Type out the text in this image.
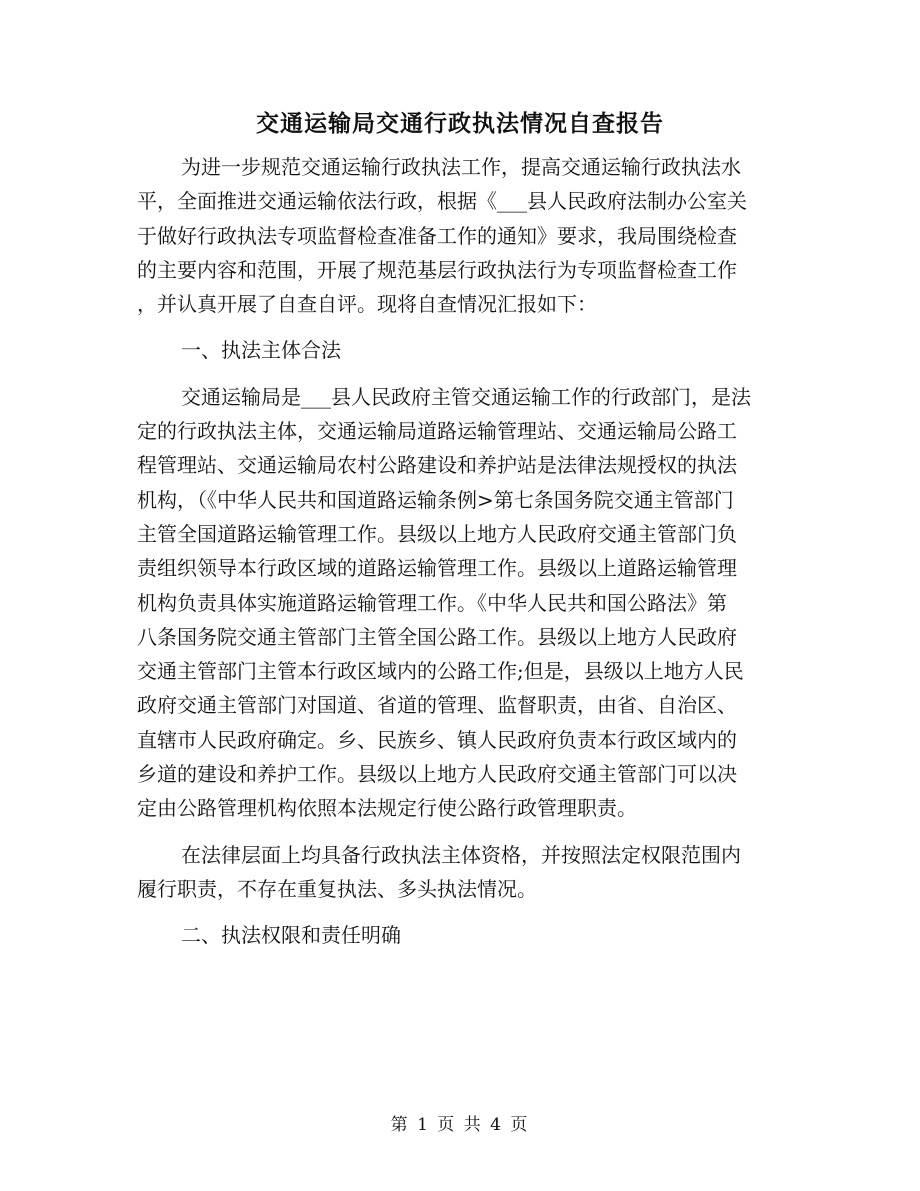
交通运输局交通行政执法情况自查报告
为进一步规范交通运输行政执法工作，提高交通运输行政执法水
平，全面推进交通运输依法行政，根据《___县人民政府法制办公室关
于做好行政执法专项监督检查准备工作的通知》要求，我局围绕检查
的主要内容和范围，开展了规范基层行政执法行为专项监督检查工作
，并认真开展了自查自评。现将自查情况汇报如下：
一、执法主体合法
交通运输局是___县人民政府主管交通运输工作的行政部门，是法
定的行政执法主体，交通运输局道路运输管理站、交通运输局公路工
程管理站、交通运输局农村公路建设和养护站是法律法规授权的执法
机构，（《中华人民共和国道路运输条例>第七条国务院交通主管部门
主管全国道路运输管理工作。县级以上地方人民政府交通主管部门负
责组织领导本行政区域的道路运输管理工作。县级以上道路运输管理
机构负责具体实施道路运输管理工作。《中华人民共和国公路法》第
八条国务院交通主管部门主管全国公路工作。县级以上地方人民政府
交通主管部门主管本行政区域内的公路工作;但是，县级以上地方人民
政府交通主管部门对国道、省道的管理、监督职责，由省、自治区、
直辖市人民政府确定。乡、民族乡、镇人民政府负责本行政区域内的
乡道的建设和养护工作。县级以上地方人民政府交通主管部门可以决
定由公路管理机构依照本法规定行使公路行政管理职责。
在法律层面上均具备行政执法主体资格，并按照法定权限范围内
履行职责，不存在重复执法、多头执法情况。
二、执法权限和责任明确
第 1 页 共 4 页
